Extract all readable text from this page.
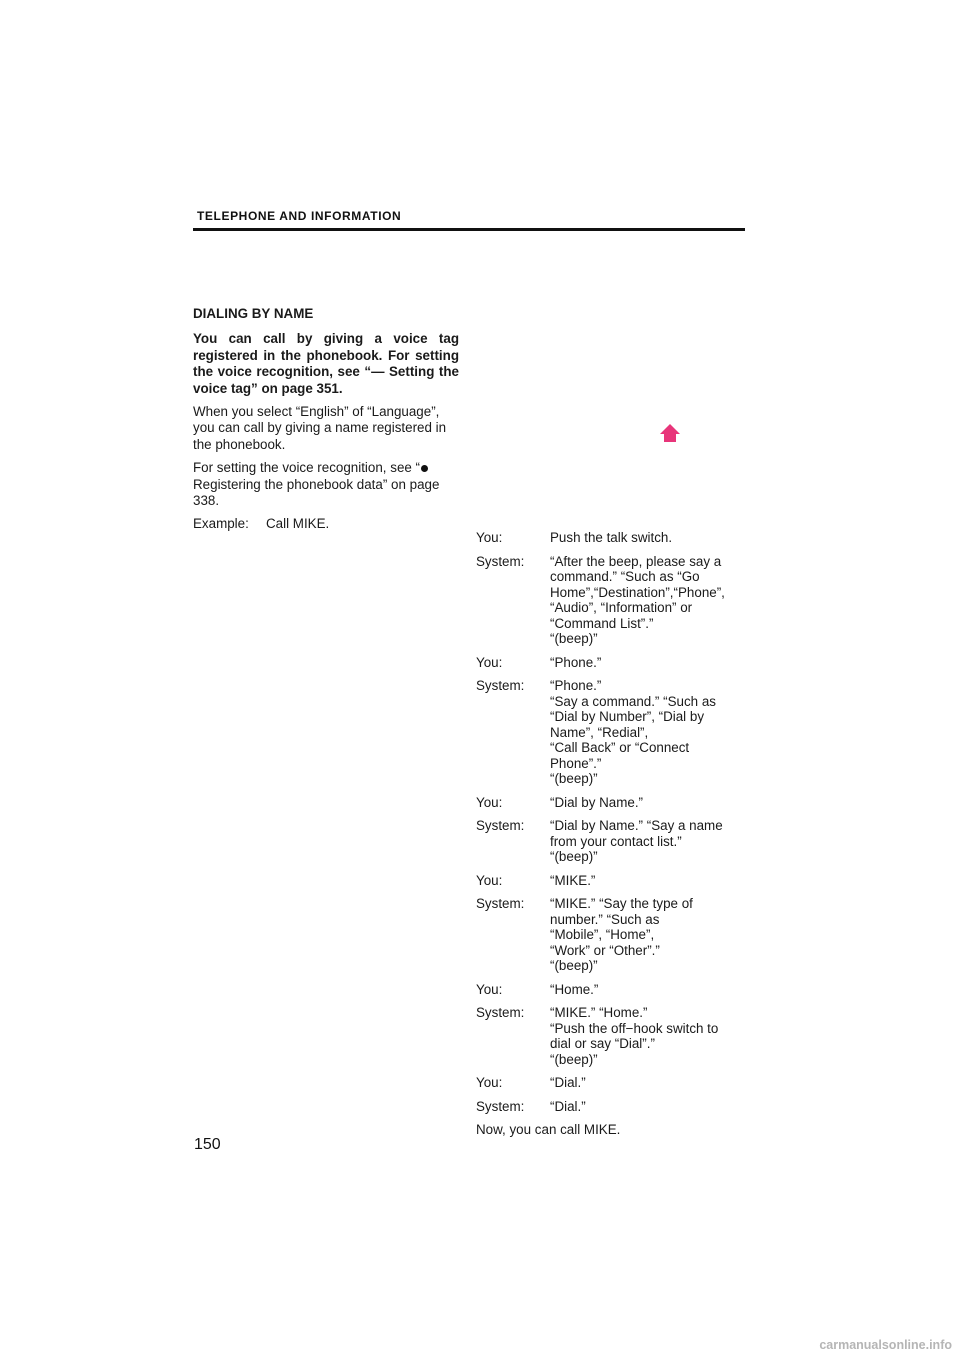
TELEPHONE AND INFORMATION
DIALING BY NAME
You can call by giving a voice tag registered in the phonebook. For setting the voice recognition, see “— Setting the voice tag” on page 351.
When you select “English” of “Language”, you can call by giving a name registered in the phonebook.
For setting the voice recognition, see “Registering the phonebook data” on page 338.
Example: Call MIKE.
You:	Push the talk switch.
System:	“After the beep, please say a
command.” “Such as “Go
Home”,“Destination”,“Phone”,
“Audio”, “Information” or
“Command List”.”
“(beep)”
You:	“Phone.”
System:	“Phone.”
“Say a command.” “Such as
“Dial by Number”, “Dial by
Name”, “Redial”,
“Call Back” or “Connect
Phone”.”
“(beep)”
You:	“Dial by Name.”
System:	“Dial by Name.” “Say a name
from your contact list.”
“(beep)”
You:	“MIKE.”
System:	“MIKE.” “Say the type of
number.” “Such as
“Mobile”, “Home”,
“Work” or “Other”.”
“(beep)”
You:	“Home.”
System:	“MIKE.” “Home.”
“Push the off−hook switch to
dial or say “Dial”.”
“(beep)”
You:	“Dial.”
System:	“Dial.”
Now, you can call MIKE.
150
carmanualsonline.info
